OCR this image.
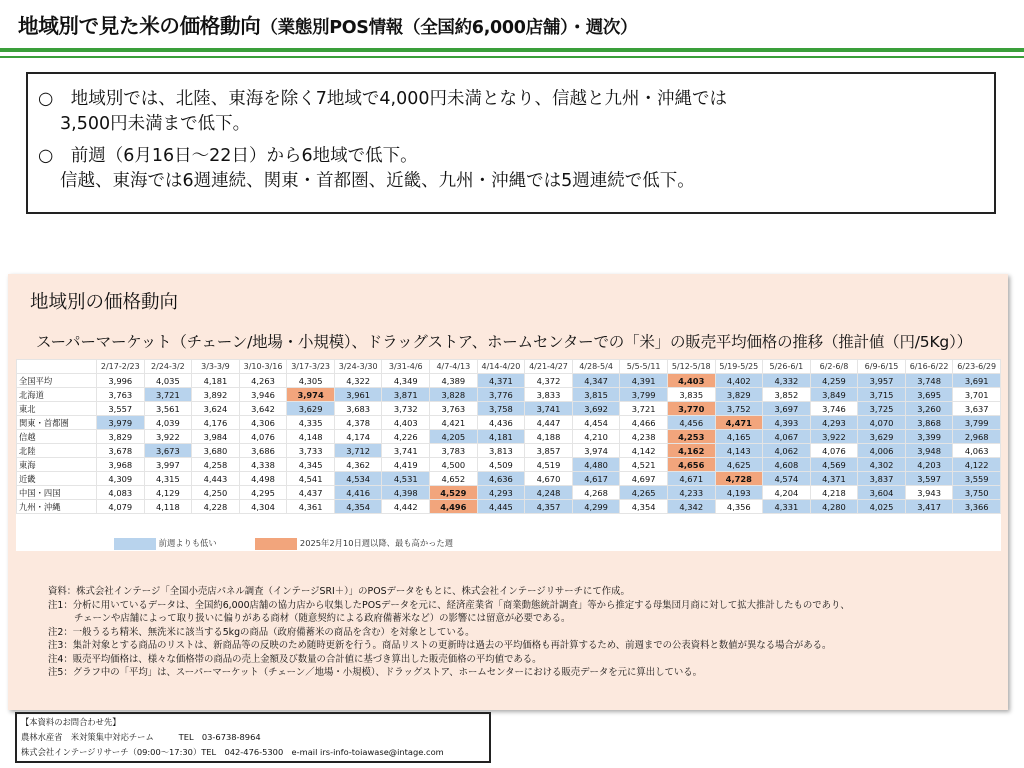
地域別で見た米の価格動向（業態別POS情報（全国約6,000店舗）・週次）
○　地域別では、北陸、東海を除く7地域で4,000円未満となり、信越と九州・沖縄では
3,500円未満まで低下。
○　前週（6月16日～22日）から6地域で低下。
信越、東海では6週連続、関東・首都圏、近畿、九州・沖縄では5週連続で低下。
地域別の価格動向
スーパーマーケット（チェーン/地場・小規模）、ドラッグストア、ホームセンターでの「米」の販売平均価格の推移（推計値（円/5Kg））
	2/17-2/23	2/24-3/2	3/3-3/9	3/10-3/16	3/17-3/23	3/24-3/30	3/31-4/6	4/7-4/13	4/14-4/20	4/21-4/27	4/28-5/4	5/5-5/11	5/12-5/18	5/19-5/25	5/26-6/1	6/2-6/8	6/9-6/15	6/16-6/22	6/23-6/29
全国平均	3,996	4,035	4,181	4,263	4,305	4,322	4,349	4,389	4,371	4,372	4,347	4,391	4,403	4,402	4,332	4,259	3,957	3,748	3,691
北海道	3,763	3,721	3,892	3,946	3,974	3,961	3,871	3,828	3,776	3,833	3,815	3,799	3,835	3,829	3,852	3,849	3,715	3,695	3,701
東北	3,557	3,561	3,624	3,642	3,629	3,683	3,732	3,763	3,758	3,741	3,692	3,721	3,770	3,752	3,697	3,746	3,725	3,260	3,637
関東・首都圏	3,979	4,039	4,176	4,306	4,335	4,378	4,403	4,421	4,436	4,447	4,454	4,466	4,456	4,471	4,393	4,293	4,070	3,868	3,799
信越	3,829	3,922	3,984	4,076	4,148	4,174	4,226	4,205	4,181	4,188	4,210	4,238	4,253	4,165	4,067	3,922	3,629	3,399	2,968
北陸	3,678	3,673	3,680	3,686	3,733	3,712	3,741	3,783	3,813	3,857	3,974	4,142	4,162	4,143	4,062	4,076	4,006	3,948	4,063
東海	3,968	3,997	4,258	4,338	4,345	4,362	4,419	4,500	4,509	4,519	4,480	4,521	4,656	4,625	4,608	4,569	4,302	4,203	4,122
近畿	4,309	4,315	4,443	4,498	4,541	4,534	4,531	4,652	4,636	4,670	4,617	4,697	4,671	4,728	4,574	4,371	3,837	3,597	3,559
中国・四国	4,083	4,129	4,250	4,295	4,437	4,416	4,398	4,529	4,293	4,248	4,268	4,265	4,233	4,193	4,204	4,218	3,604	3,943	3,750
九州・沖縄	4,079	4,118	4,228	4,304	4,361	4,354	4,442	4,496	4,445	4,357	4,299	4,354	4,342	4,356	4,331	4,280	4,025	3,417	3,366
前週よりも低い	2025年2月10日週以降、最も高かった週
資料：株式会社インテージ「全国小売店パネル調査（インテージSRI＋）」のPOSデータをもとに、株式会社インテージリサーチにて作成。
注1：分析に用いているデータは、全国約6,000店舗の協力店から収集したPOSデータを元に、経済産業省「商業動態統計調査」等から推定する母集団月商に対して拡大推計したものであり、
チェーンや店舗によって取り扱いに偏りがある商材（随意契約による政府備蓄米など）の影響には留意が必要である。
注2：一般うるち精米、無洗米に該当する5kgの商品（政府備蓄米の商品を含む）を対象としている。
注3：集計対象とする商品のリストは、新商品等の反映のため随時更新を行う。商品リストの更新時は過去の平均価格も再計算するため、前週までの公表資料と数値が異なる場合がある。
注4：販売平均価格は、様々な価格帯の商品の売上金額及び数量の合計値に基づき算出した販売価格の平均値である。
注5：グラフ中の「平均」は、スーパーマーケット（チェーン／地場・小規模）、ドラッグストア、ホームセンターにおける販売データを元に算出している。
【本資料のお問合わせ先】
農林水産省　米対策集中対応チーム　　　TEL　03-6738-8964
株式会社インテージリサーチ（09:00～17:30）TEL　042-476-5300　e-mail irs-info-toiawase@intage.com
